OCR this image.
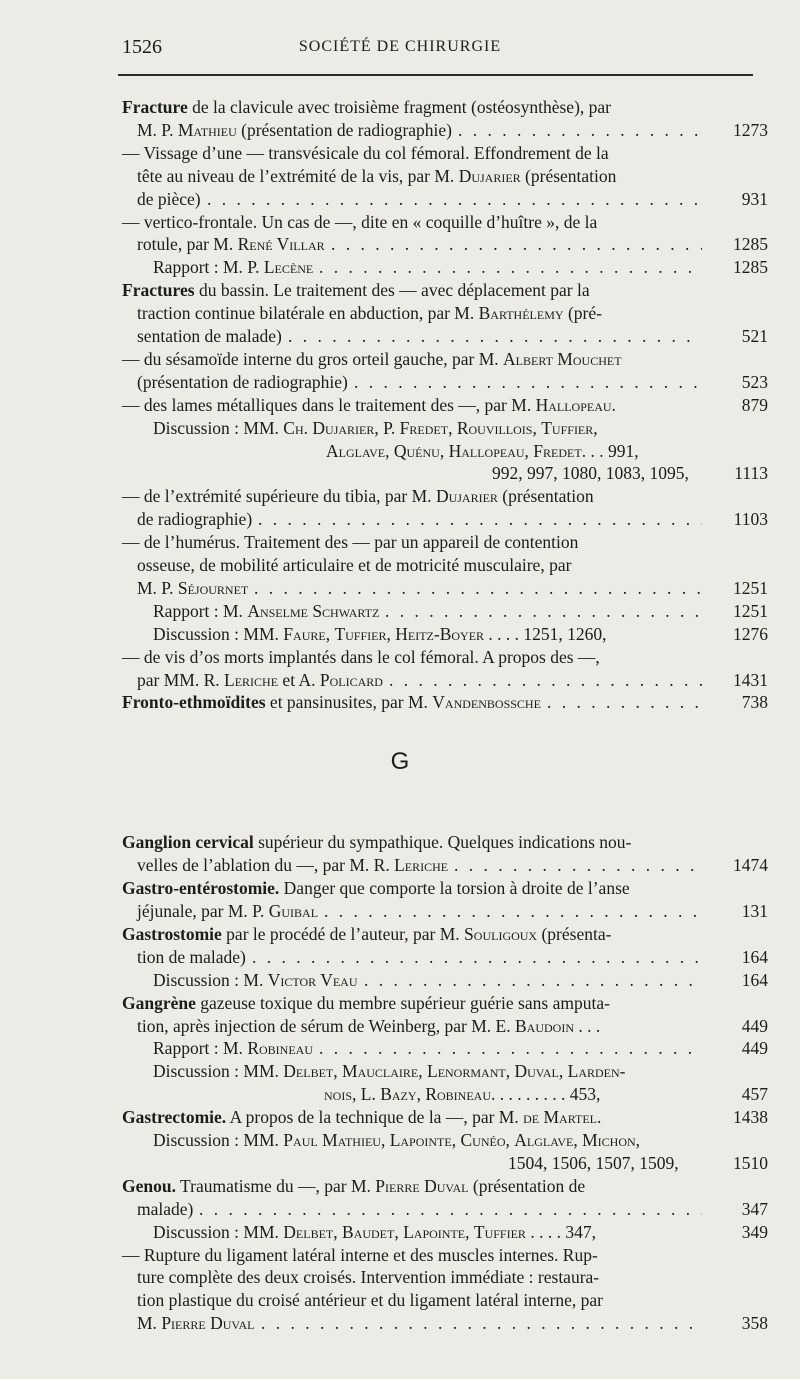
1526	SOCIÉTÉ DE CHIRURGIE
G
Fracture de la clavicule avec troisième fragment (ostéosynthèse), par
M. P. Mathieu (présentation de radiographie)	1273
. . .
— Vissage d’une — transvésicale du col fémoral. Effondrement de la
tête au niveau de l’extrémité de la vis, par M. Dujarier (présentation
de pièce)	931
. . .
— vertico-frontale. Un cas de —, dite en « coquille d’huître », de la
rotule, par M. René Villar	1285
. . .
Rapport : M. P. Lecène	1285
. . .
Fractures du bassin. Le traitement des — avec déplacement par la
traction continue bilatérale en abduction, par M. Barthélemy (pré-
sentation de malade)	521
. . .
— du sésamoïde interne du gros orteil gauche, par M. Albert Mouchet
(présentation de radiographie)	523
. . .
— des lames métalliques dans le traitement des —, par M. Hallopeau.	879
Discussion : MM. Ch. Dujarier, P. Fredet, Rouvillois, Tuffier,
Alglave, Quénu, Hallopeau, Fredet. . . 991,
992, 997, 1080, 1083, 1095,	1113
— de l’extrémité supérieure du tibia, par M. Dujarier (présentation
de radiographie)	1103
. . .
— de l’humérus. Traitement des — par un appareil de contention
osseuse, de mobilité articulaire et de motricité musculaire, par
M. P. Séjournet	1251
. . .
Rapport : M. Anselme Schwartz	1251
. . .
Discussion : MM. Faure, Tuffier, Heitz-Boyer . . . . 1251, 1260,	1276
— de vis d’os morts implantés dans le col fémoral. A propos des —,
par MM. R. Leriche et A. Policard	1431
. . .
Fronto-ethmoïdites et pansinusites, par M. Vandenbossche	738
. . .
Ganglion cervical supérieur du sympathique. Quelques indications nou-
velles de l’ablation du —, par M. R. Leriche	1474
. . .
Gastro-entérostomie. Danger que comporte la torsion à droite de l’anse
jéjunale, par M. P. Guibal	131
. . .
Gastrostomie par le procédé de l’auteur, par M. Souligoux (présenta-
tion de malade)	164
. . .
Discussion : M. Victor Veau	164
. . .
Gangrène gazeuse toxique du membre supérieur guérie sans amputa-
tion, après injection de sérum de Weinberg, par M. E. Baudoin . . .	449
Rapport : M. Robineau	449
. . .
Discussion : MM. Delbet, Mauclaire, Lenormant, Duval, Larden-
nois, L. Bazy, Robineau. . . . . . . . . 453,	457
Gastrectomie. A propos de la technique de la —, par M. de Martel.	1438
Discussion : MM. Paul Mathieu, Lapointe, Cunéo, Alglave, Michon,
1504, 1506, 1507, 1509,	1510
Genou. Traumatisme du —, par M. Pierre Duval (présentation de
malade)	347
. . .
Discussion : MM. Delbet, Baudet, Lapointe, Tuffier . . . . 347,	349
— Rupture du ligament latéral interne et des muscles internes. Rup-
ture complète des deux croisés. Intervention immédiate : restaura-
tion plastique du croisé antérieur et du ligament latéral interne, par
M. Pierre Duval	358
. . .
